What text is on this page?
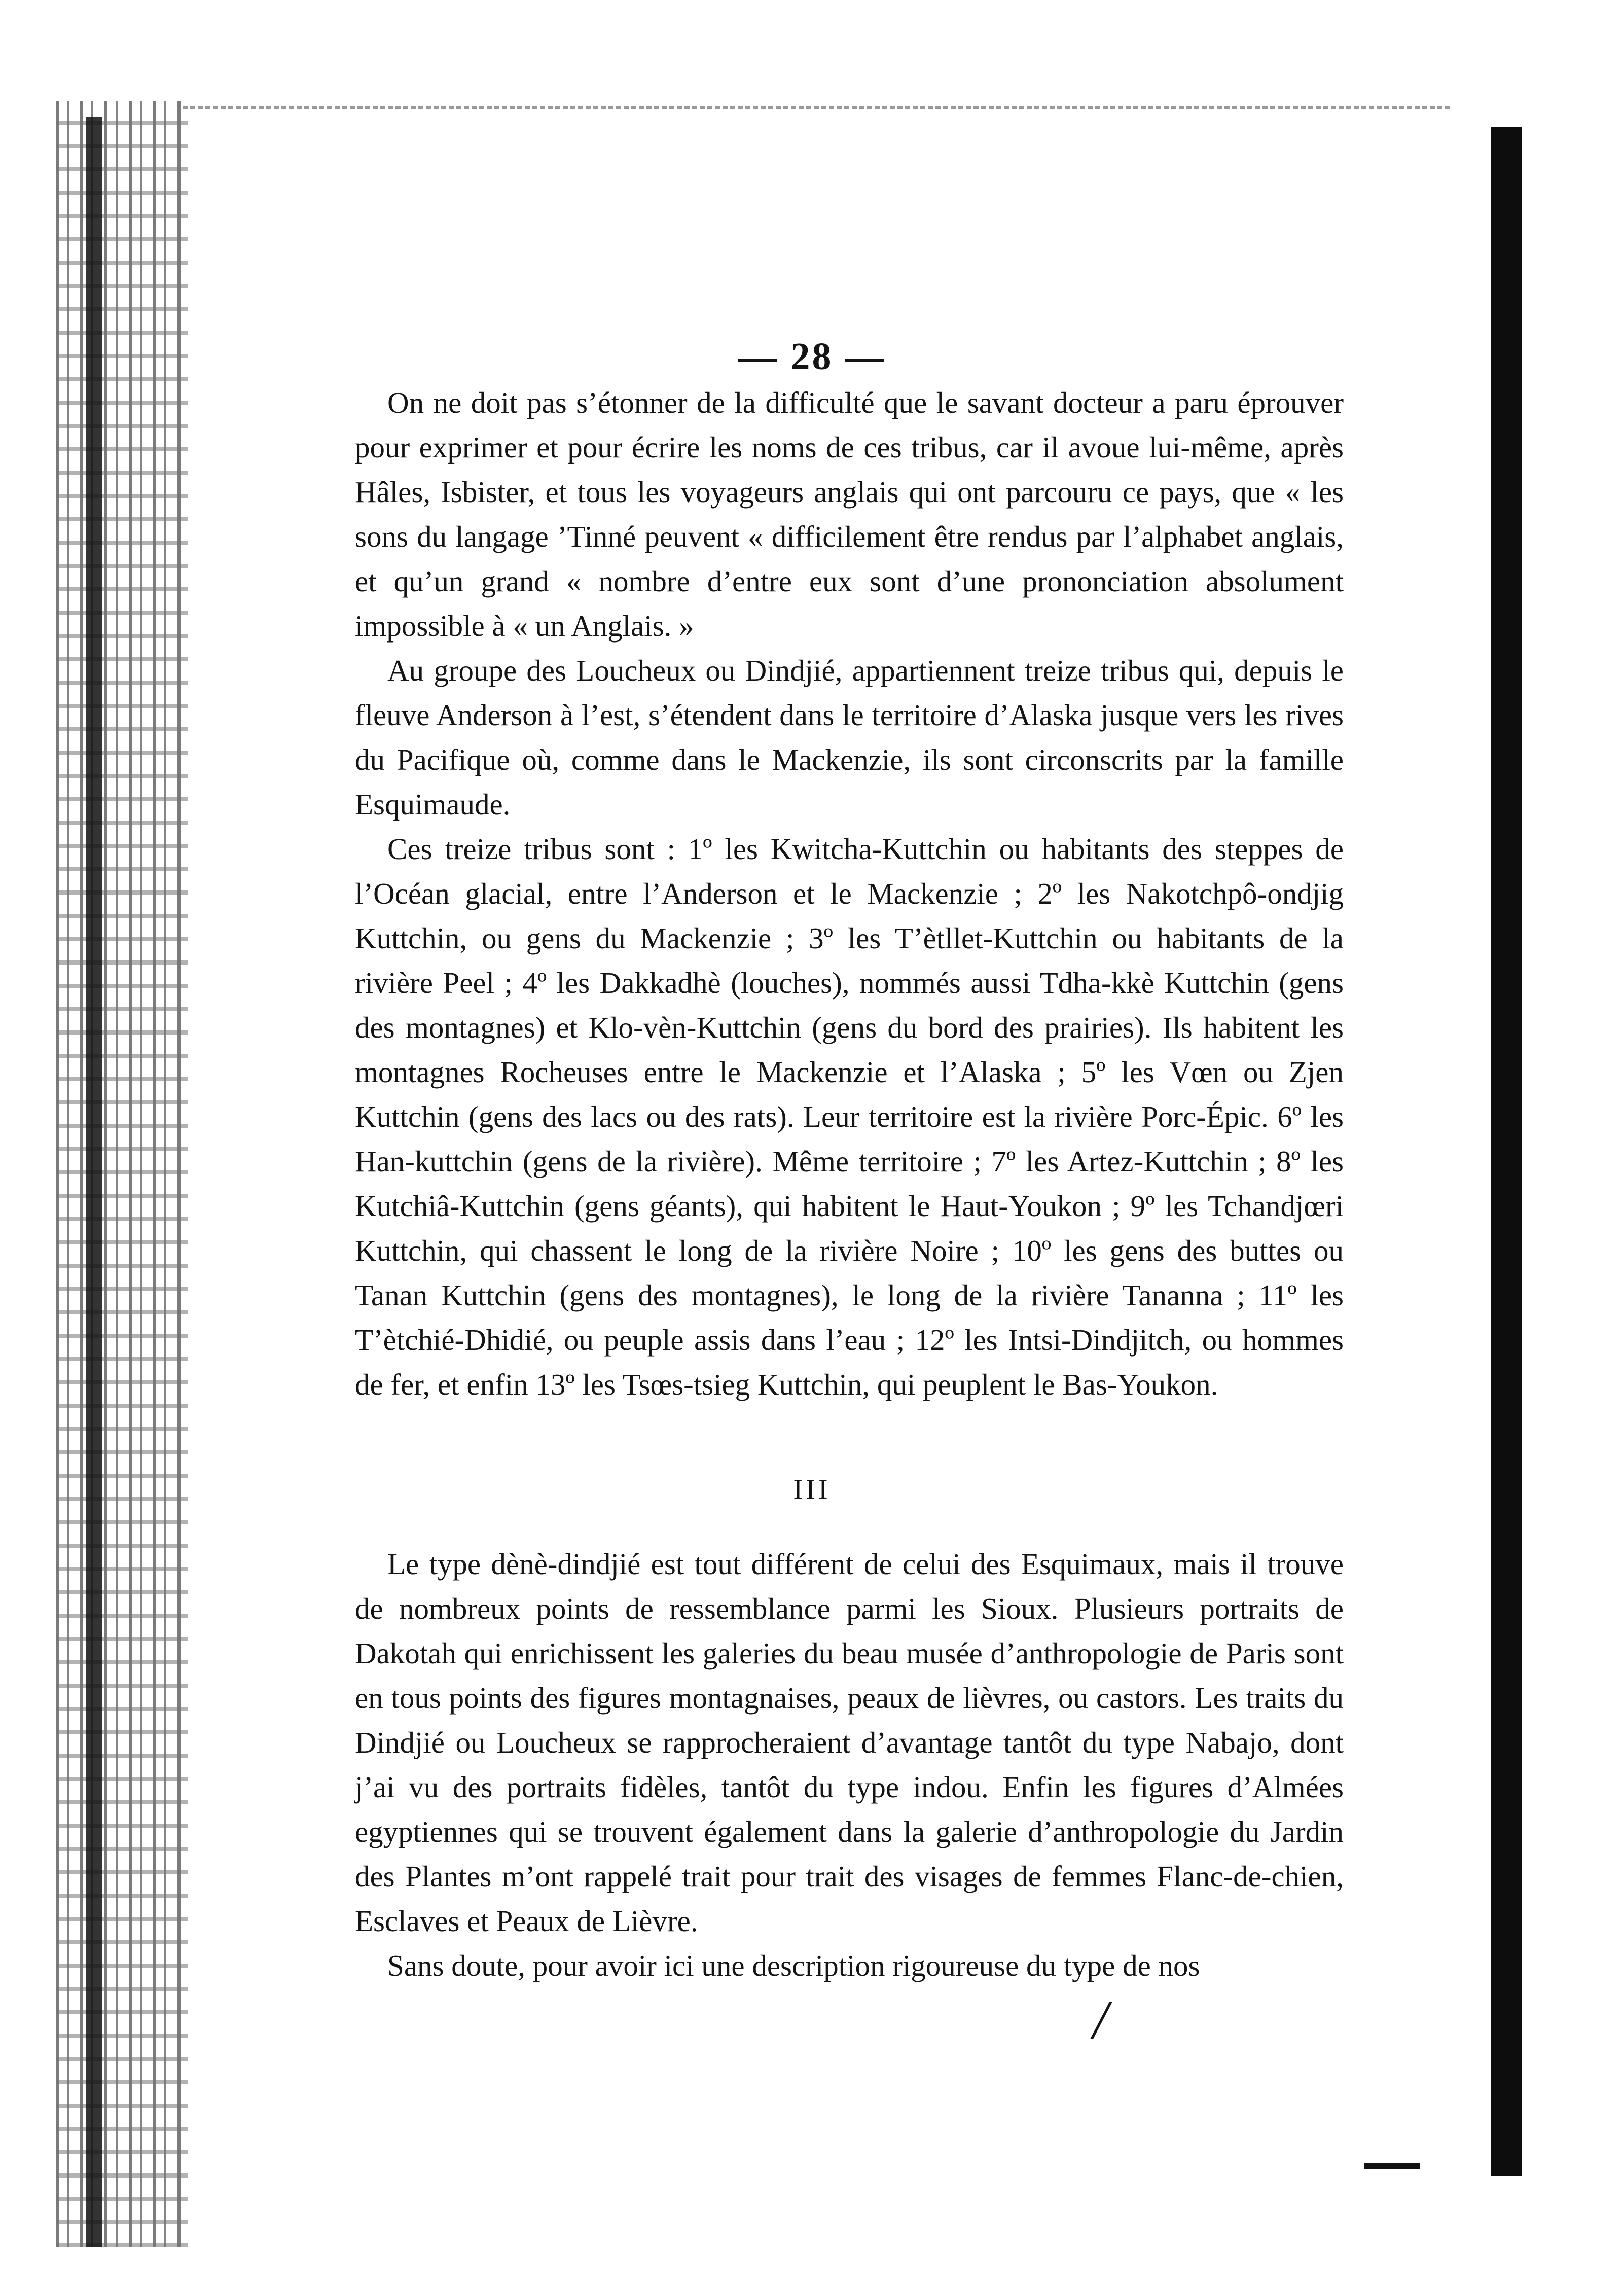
— 28 —

On ne doit pas s’étonner de la difficulté que le savant docteur a paru éprouver pour exprimer et pour écrire les noms de ces tribus, car il avoue lui-même, après Hâles, Isbister, et tous les voyageurs anglais qui ont parcouru ce pays, que « les sons du langage ’Tinné peuvent « difficilement être rendus par l’alphabet anglais, et qu’un grand « nombre d’entre eux sont d’une prononciation absolument impossible à « un Anglais. »

Au groupe des Loucheux ou Dindjié, appartiennent treize tribus qui, depuis le fleuve Anderson à l’est, s’étendent dans le territoire d’Alaska jusque vers les rives du Pacifique où, comme dans le Mackenzie, ils sont circonscrits par la famille Esquimaude.

Ces treize tribus sont : 1º les Kwitcha-Kuttchin ou habitants des steppes de l’Océan glacial, entre l’Anderson et le Mackenzie ; 2º les Nakotchpô-ondjig Kuttchin, ou gens du Mackenzie ; 3º les T’ètllet-Kuttchin ou habitants de la rivière Peel ; 4º les Dakkadhè (louches), nommés aussi Tdha-kkè Kuttchin (gens des montagnes) et Klo-vèn-Kuttchin (gens du bord des prairies). Ils habitent les montagnes Rocheuses entre le Mackenzie et l’Alaska ; 5º les Vœn ou Zjen Kuttchin (gens des lacs ou des rats). Leur territoire est la rivière Porc-Épic. 6º les Han-kuttchin (gens de la rivière). Même territoire ; 7º les Artez-Kuttchin ; 8º les Kutchiâ-Kuttchin (gens géants), qui habitent le Haut-Youkon ; 9º les Tchandjœri Kuttchin, qui chassent le long de la rivière Noire ; 10º les gens des buttes ou Tanan Kuttchin (gens des montagnes), le long de la rivière Tananna ; 11º les T’ètchié-Dhidié, ou peuple assis dans l’eau ; 12º les Intsi-Dindjitch, ou hommes de fer, et enfin 13º les Tsœs-tsieg Kuttchin, qui peuplent le Bas-Youkon.

III

Le type dènè-dindjié est tout différent de celui des Esquimaux, mais il trouve de nombreux points de ressemblance parmi les Sioux. Plusieurs portraits de Dakotah qui enrichissent les galeries du beau musée d’anthropologie de Paris sont en tous points des figures montagnaises, peaux de lièvres, ou castors. Les traits du Dindjié ou Loucheux se rapprocheraient d’avantage tantôt du type Nabajo, dont j’ai vu des portraits fidèles, tantôt du type indou. Enfin les figures d’Almées egyptiennes qui se trouvent également dans la galerie d’anthropologie du Jardin des Plantes m’ont rappelé trait pour trait des visages de femmes Flanc-de-chien, Esclaves et Peaux de Lièvre.

Sans doute, pour avoir ici une description rigoureuse du type de nos

/
